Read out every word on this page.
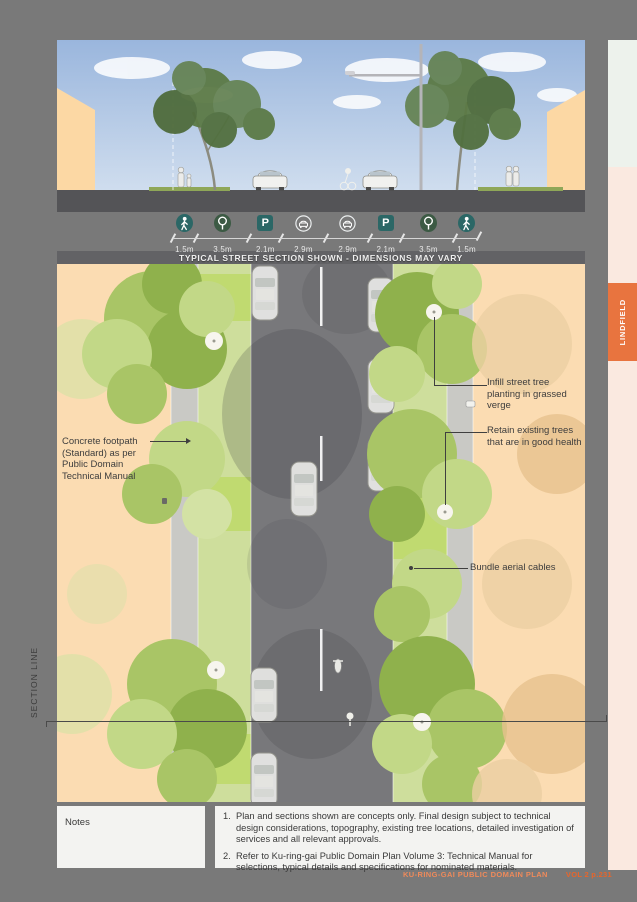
1.5m 3.5m
P
2.1m 2.9m	2.9m
P
2.1m	3.5m 1.5m
TYPICAL STREET SECTION SHOWN - DIMENSIONS MAY VARY
Concrete footpath (Standard) as per Public Domain Technical Manual
Infill street tree planting in grassed verge
Retain existing trees that are in good health
Bundle aerial cables
Notes
1. Plan and sections shown are concepts only. Final design subject to technical design considerations, topography, existing tree locations, detailed investigation of services and all relevant approvals.
2. Refer to Ku-ring-gai Public Domain Plan Volume 3: Technical Manual for selections, typical details and specifications for nominated materials.
SECTION LINE
LINDFIELD
KU-RING-GAI PUBLIC DOMAIN PLAN VOL 2 p.231
